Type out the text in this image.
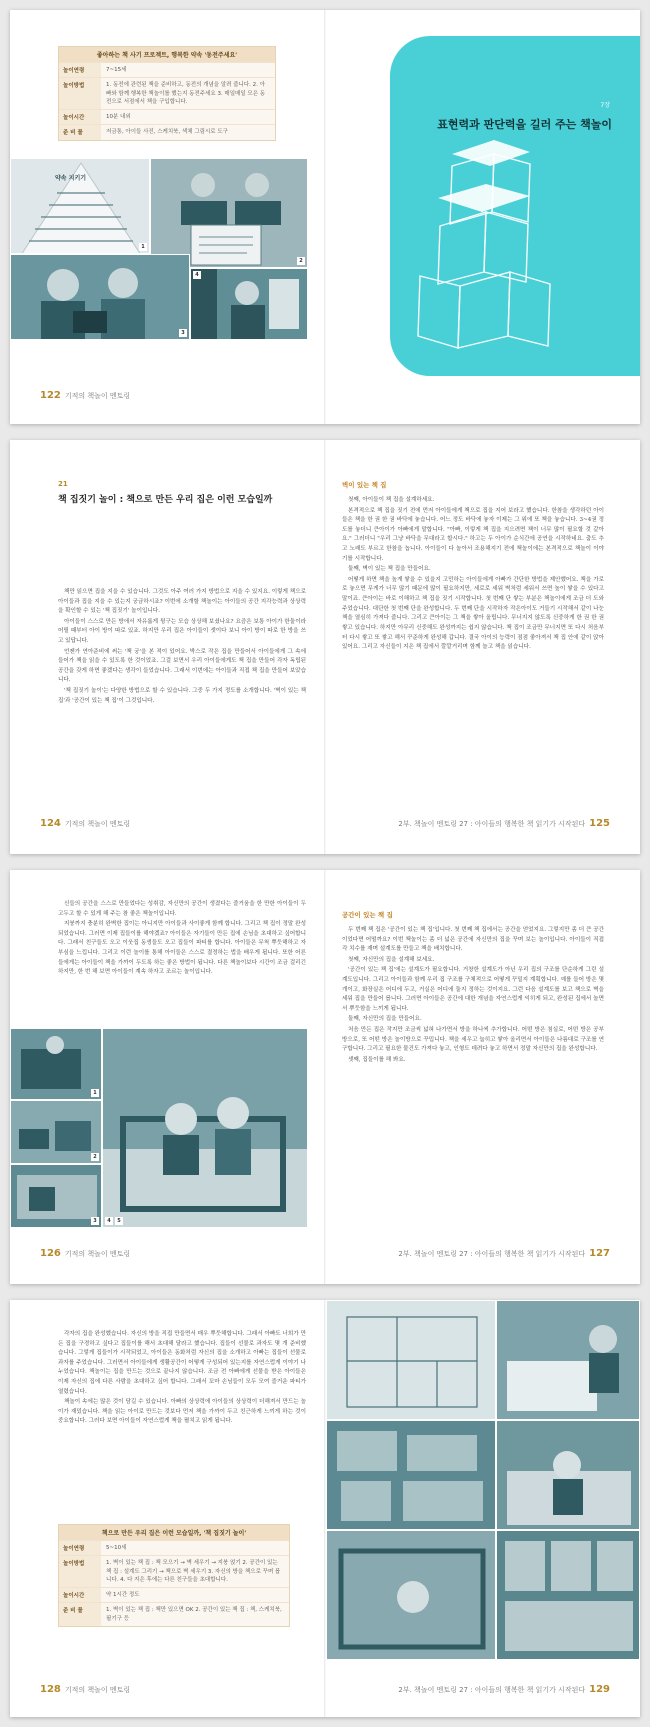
좋아하는 책 사기 프로젝트, 행복한 약속 '동전주세요'
놀이연령	7~15세
놀이방법	1. 동전에 관련된 책을 준비하고, 동전의 개념을 알려 줍니다. 2. 아빠와 함께 행복한 책놀이를 했는지 동전주세요 3. 매일매일 모은 동전으로 서점에서 책을 구입합니다.
놀이시간	10분 내외
준 비 물	저금통, 아이들 사진, 스케치북, 색채 그림시로 도구
약속 지키기
1
2
3
4
122 기적의 책놀이 멘토링
7장
표현력과 판단력을 길러 주는 책놀이
21
책 집짓기 놀이 : 책으로 만든 우리 집은 이런 모습일까

책만 읽으면 집을 지을 수 있습니다. 그것도 아주 여러 가지 방법으로 지을 수 있지요. 이렇게 책으로 아이들과 집을 지을 수 있는지 궁금하시죠? 이번에 소개할 책놀이는 아이들의 공간 지각능력과 상상력을 확인할 수 있는 '책 집짓기' 놀이입니다.

아이들이 스스로 만든 방에서 자유롭게 뒹구는 모습 상상해 보셨나요? 요즘은 보통 아이가 한둘이라 어릴 때부터 아이 방이 따로 있죠. 하지만 우리 집은 아이들이 셋이다 보니 아이 방이 따로 한 방을 쓰고 있답니다.

언젠가 연아준비에 써는 '책 궁'을 본 적이 있어요. 박스로 작은 집을 만들어서 아이들에게 그 속에 들어가 책을 읽을 수 있도록 한 것이었죠. 그걸 보면서 우리 아이들에게도 책 집을 만들어 각자 독립된 공간을 갖게 하면 좋겠다는 생각이 들었습니다. 그래서 이번에는 아이들과 직접 책 집을 만들어 보았습니다.

'책 집짓기 놀이'는 다양한 방법으로 할 수 있습니다. 그중 두 가지 정도를 소개합니다. '벽이 있는 책 집'과 '공간이 있는 책 집'이 그것입니다.

벽이 있는 책 집

첫째, 아이들이 책 집을 설계하세요.

본격적으로 책 집을 짓기 전에 먼저 아이들에게 책으로 집을 지어 보라고 했습니다. 한참을 생각하던 아이들은 책을 한 권 한 권 바닥에 놓습니다. 어느 정도 바닥에 놓자 이제는 그 위에 또 책을 놓습니다. 3~4권 정도를 놓더니 큰아이가 아빠에게 말합니다. "아빠, 이렇게 책 집을 지으려면 책이 너무 많이 필요할 것 같아요." 그러더니 "우리 그냥 바닥을 무대라고 합시다." 하고는 두 아이가 순식간에 공연을 시작하네요. 춤도 추고 노래도 부르고 한참을 놉니다. 아이들이 다 놀아서 조용해지기 전에 책놀이에는 본격적으로 책놀이 이야기를 시작합니다.

둘째, 벽이 있는 책 집을 만들어요.

어떻게 하면 책을 높게 쌓을 수 있을지 고민하는 아이들에게 아빠가 간단한 방법을 제안했어요. 책을 가로로 놓으면 무게가 너무 많기 때문에 많이 필요하지만, 세로로 세워 벽처럼 세워서 쓰면 높이 쌓을 수 있다고 말이죠. 큰아이는 바로 이해하고 책 집을 짓기 시작합니다. 첫 번째 단 쌓는 부분은 책놀이에게 조금 더 도와주었습니다. 대단한 첫 번째 단을 완성합니다. 두 번째 단을 시작하자 작은아이도 거들기 시작해서 같이 나눈 책을 열심히 가져다 줍니다. 그리고 큰아이는 그 책을 쌓아 올립니다. 무너지지 않도록 신중하게 한 권 한 권 쌓고 있습니다. 하지만 아무리 신중해도 완성까지는 쉽지 않습니다. 책 집이 조금만 무너지면 또 다시 처음부터 다시 쌓고 또 쌓고 해서 꾸준하게 완성해 갑니다. 결국 아이의 능력이 점점 좋아져서 책 집 안에 같이 앉아 있어요. 그리고 자신들이 지은 책 집에서 깔깔거리며 함께 놀고 책을 읽습니다.

124 기적의 책놀이 멘토링	2부. 책놀이 멘토링 27 : 아이들의 행복한 책 읽기가 시작된다 125

신들의 공간을 스스로 만들었다는 성취감, 자신만의 공간이 생겼다는 즐거움을 한 만한 아이들이 두고두고 할 수 있게 해 주는 참 좋은 책놀이입니다.

지붕까지 충분히 완벽한 집이는 아니지만 아이들과 사이좋게 함께 합니다. 그리고 책 집이 정말 완성되었습니다. 그러면 이제 집들이를 해야겠죠? 아이들은 자기들이 만든 집에 손님을 초대하고 싶어합니다. 그래서 친구들도 오고 이웃집 동생들도 오고 집들이 파티를 합니다. 아이들은 무척 뿌듯해하고 자부심을 느낍니다. 그리고 이런 놀이를 통해 아이들은 스스로 결정하는 법을 배우게 됩니다. 또한 어른들에게는 아이들이 책을 가까이 두도록 하는 좋은 방법이 됩니다. 다른 책놀이보다 시간이 조금 걸리긴 하지만, 한 번 해 보면 아이들이 계속 하자고 조르는 놀이입니다.

1
2
3	4	5
공간이 있는 책 집

두 번째 책 집은 '공간이 있는 책 집'입니다. 첫 번째 책 집에서는 공간을 얻었지요. 그렇지만 좀 더 큰 공간이었다면 어떨까요? 이번 책놀이는 좀 더 넓은 공간에 자신만의 집을 꾸며 보는 놀이입니다. 아이들이 직접 각 치수를 재며 설계도를 만들고 책을 배치합니다.

첫째, 자신만의 집을 설계해 보세요.

'공간이 있는 책 집'에는 설계도가 필요합니다. 거창한 설계도가 아닌 우리 집의 구조를 단순하게 그린 설계도입니다. 그리고 아이들과 함께 우리 집 구조를 구체적으로 어떻게 꾸밀지 계획합니다. 예를 들어 방은 몇 개이고, 화장실은 어디에 두고, 거실은 어디에 둘지 정하는 것이지요. 그런 다음 설계도를 보고 책으로 벽을 세워 집을 만들어 봅니다. 그러면 아이들은 공간에 대한 개념을 자연스럽게 익히게 되고, 완성된 집에서 놀면서 뿌듯함을 느끼게 됩니다.

둘째, 자신만의 집을 만들어요.

처음 만든 집은 작지만 조금씩 넓혀 나가면서 방을 하나씩 추가합니다. 어떤 방은 침실로, 어떤 방은 공부방으로, 또 어떤 방은 놀이방으로 꾸밉니다. 책을 세우고 눕히고 쌓아 올리면서 아이들은 나름대로 구조를 연구합니다. 그리고 필요한 물건도 가져다 놓고, 인형도 데려다 놓고 하면서 정말 자신만의 집을 완성합니다.

셋째, 집들이를 해 봐요.

126 기적의 책놀이 멘토링	2부. 책놀이 멘토링 27 : 아이들의 행복한 책 읽기가 시작된다 127

각자의 집을 완성했습니다. 자신의 방을 직접 만들면서 매우 뿌듯해합니다. 그래서 아빠도 너희가 만든 집을 구경하고 싶다고 집들이를 해서 초대해 달라고 했습니다. 집들이 선물로 과자도 몇 개 준비했습니다. 그렇게 집들이가 시작되었고, 아이들은 동화처럼 자신의 집을 소개하고 아빠는 집들이 선물로 과자를 주었습니다. 그러면서 아이들에게 생활공간이 어떻게 구성되어 있는지를 자연스럽게 이야기 나누었습니다. 책놀이는 집을 만드는 것으로 끝나지 않습니다. 조금 전 아빠에게 선물을 받은 아이들은 이제 자신의 집에 다른 사람을 초대하고 싶어 합니다. 그래서 꼬마 손님들이 모두 모여 즐거운 파티가 열렸습니다.

책놀이 속에는 많은 것이 담길 수 있습니다. 아빠의 상상력에 아이들의 상상력이 더해져서 만드는 놀이가 재밌습니다. 책을 읽는 아이로 만드는 것보다 먼저 책을 가까이 두고 친근하게 느끼게 하는 것이 중요합니다. 그러다 보면 아이들이 자연스럽게 책을 펼치고 읽게 됩니다.

책으로 만든 우리 집은 이런 모습일까, '책 집짓기 놀이'
놀이연령	5~10세
놀이방법	1. 벽이 있는 책 집 : 책 모으기 → 벽 세우기 → 지붕 얹기 2. 공간이 있는 책 집 : 설계도 그리기 → 책으로 벽 세우기 3. 자신의 방을 책으로 꾸며 봅니다. 4. 다 지은 후에는 다른 친구들을 초대합니다.
놀이시간	약 1시간 정도
준 비 물	1. 벽이 있는 책 집 : 책만 있으면 OK 2. 공간이 있는 책 집 : 책, 스케치북, 필기구 등
128 기적의 책놀이 멘토링	2부. 책놀이 멘토링 27 : 아이들의 행복한 책 읽기가 시작된다 129
